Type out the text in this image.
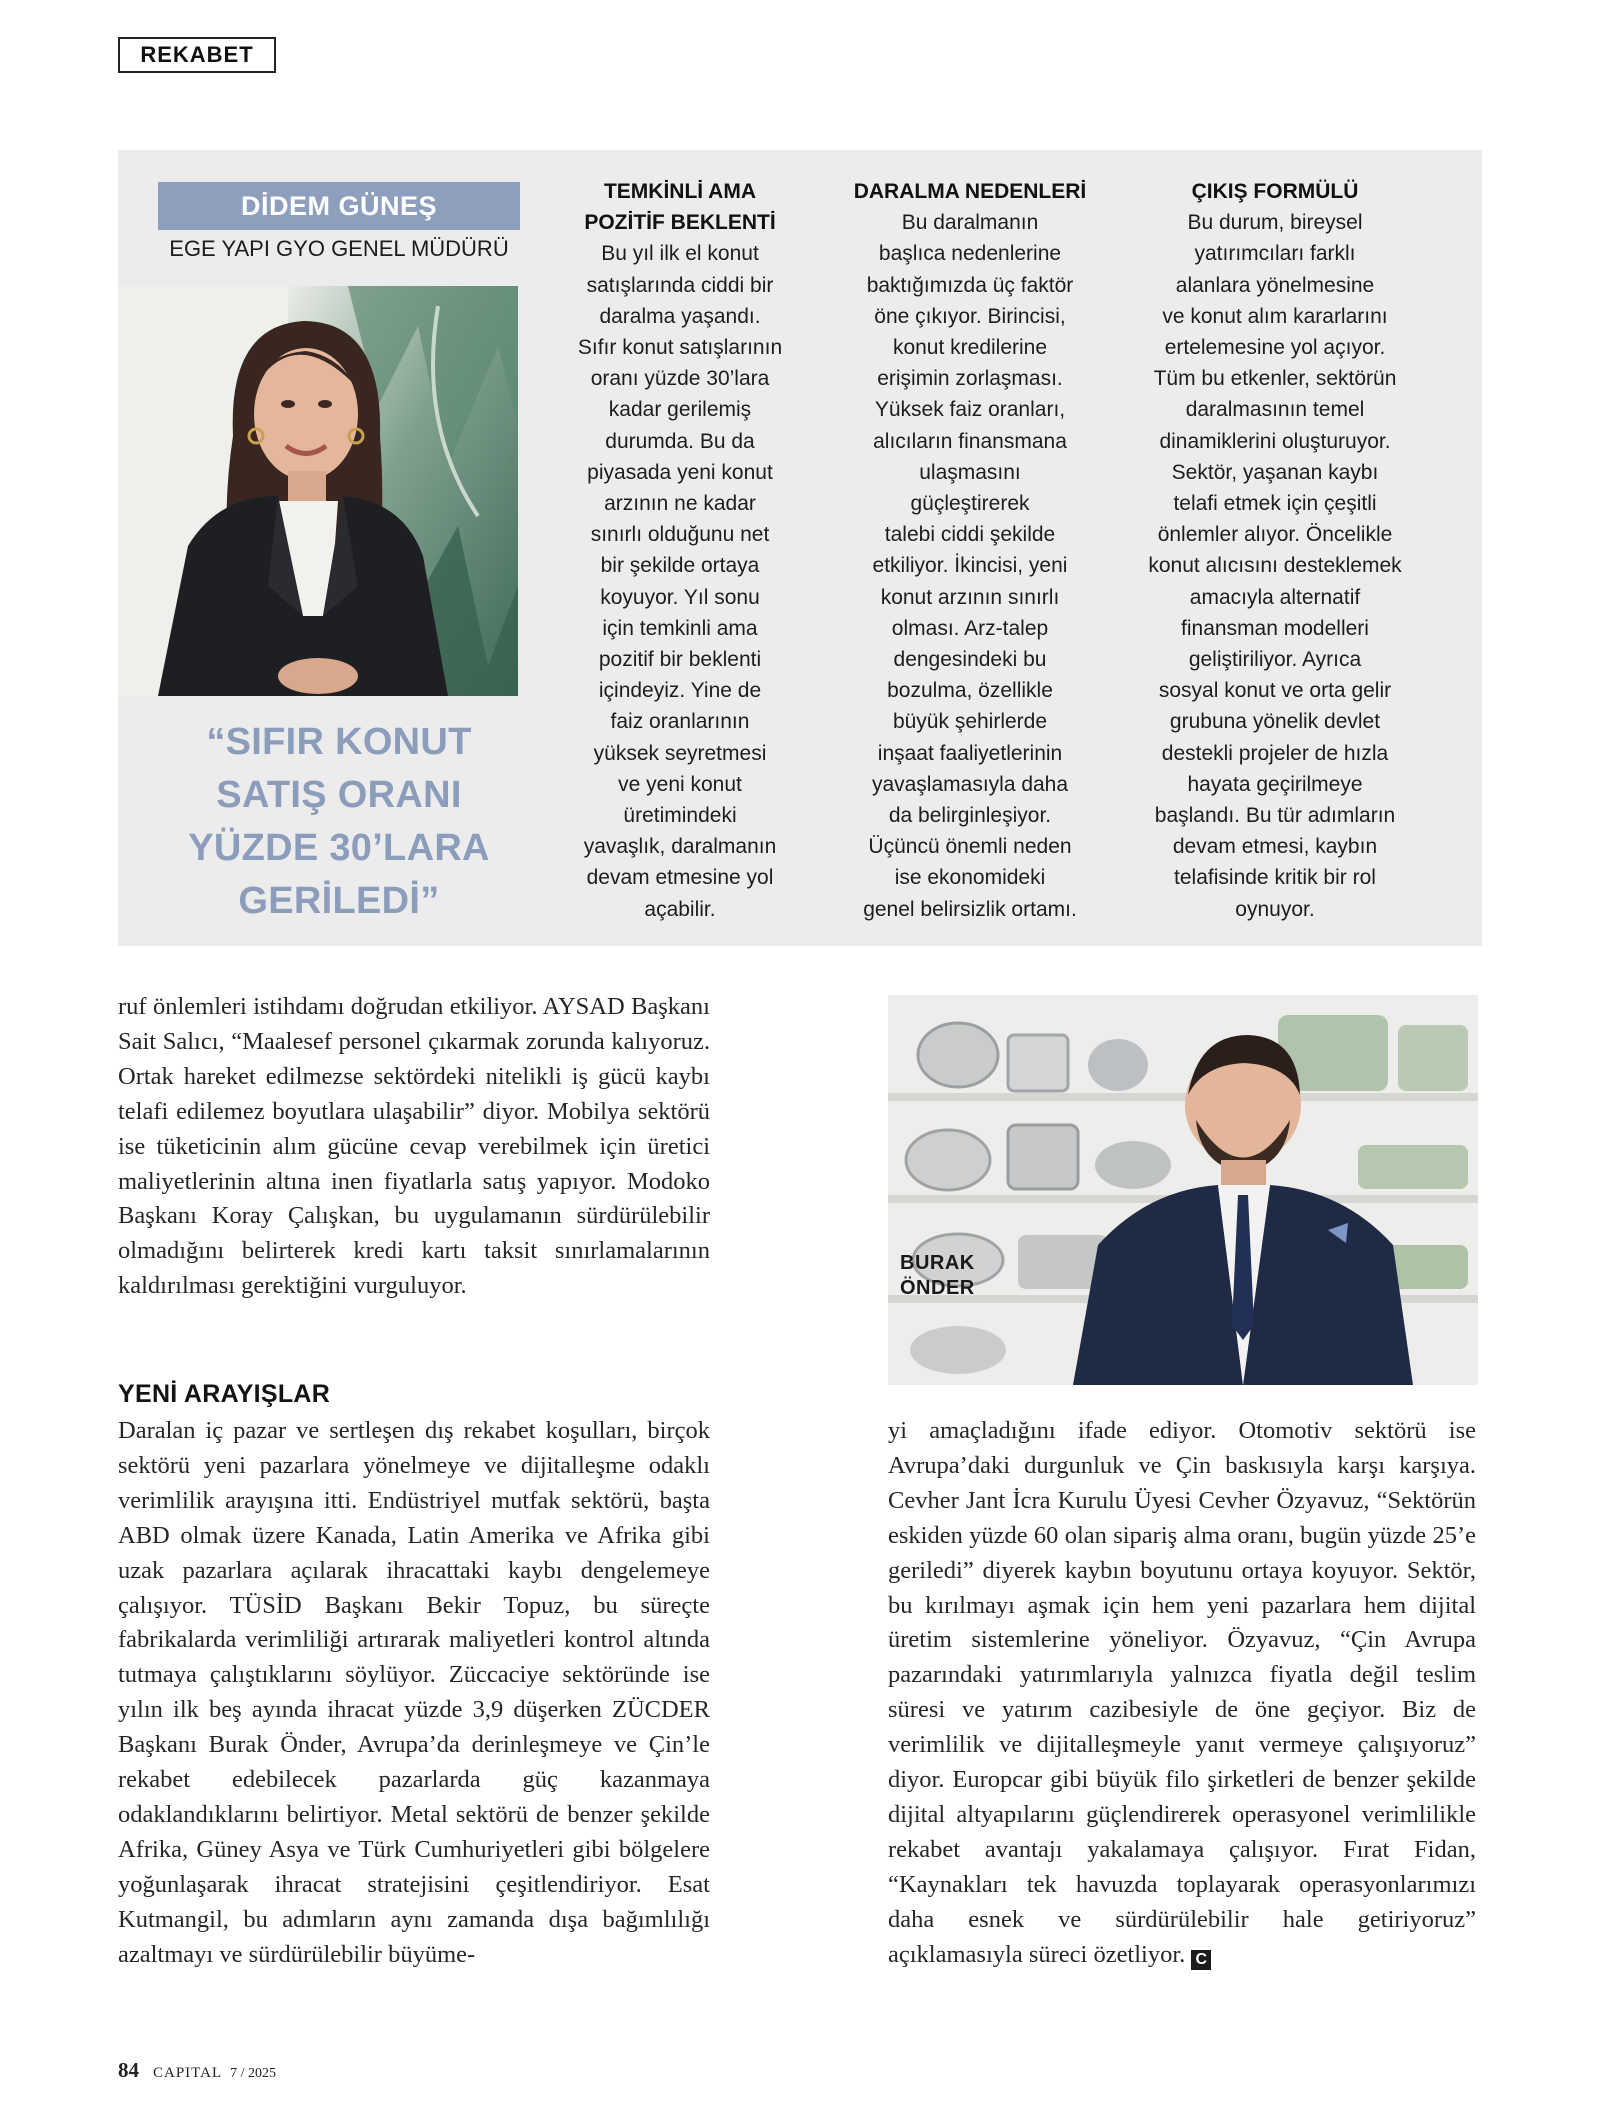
REKABET
DİDEM GÜNEŞ
EGE YAPI GYO GENEL MÜDÜRÜ
“SIFIR KONUT
SATIŞ ORANI
YÜZDE 30’LARA
GERİLEDİ”
TEMKİNLİ AMA
POZİTİF BEKLENTİ
Bu yıl ilk el konut
satışlarında ciddi bir
daralma yaşandı.
Sıfır konut satışlarının
oranı yüzde 30’lara
kadar gerilemiş
durumda. Bu da
piyasada yeni konut
arzının ne kadar
sınırlı olduğunu net
bir şekilde ortaya
koyuyor. Yıl sonu
için temkinli ama
pozitif bir beklenti
içindeyiz. Yine de
faiz oranlarının
yüksek seyretmesi
ve yeni konut
üretimindeki
yavaşlık, daralmanın
devam etmesine yol
açabilir.
DARALMA NEDENLERİ
Bu daralmanın
başlıca nedenlerine
baktığımızda üç faktör
öne çıkıyor. Birincisi,
konut kredilerine
erişimin zorlaşması.
Yüksek faiz oranları,
alıcıların finansmana
ulaşmasını
güçleştirerek
talebi ciddi şekilde
etkiliyor. İkincisi, yeni
konut arzının sınırlı
olması. Arz-talep
dengesindeki bu
bozulma, özellikle
büyük şehirlerde
inşaat faaliyetlerinin
yavaşlamasıyla daha
da belirginleşiyor.
Üçüncü önemli neden
ise ekonomideki
genel belirsizlik ortamı.
ÇIKIŞ FORMÜLÜ
Bu durum, bireysel
yatırımcıları farklı
alanlara yönelmesine
ve konut alım kararlarını
ertelemesine yol açıyor.
Tüm bu etkenler, sektörün
daralmasının temel
dinamiklerini oluşturuyor.
Sektör, yaşanan kaybı
telafi etmek için çeşitli
önlemler alıyor. Öncelikle
konut alıcısını desteklemek
amacıyla alternatif
finansman modelleri
geliştiriliyor. Ayrıca
sosyal konut ve orta gelir
grubuna yönelik devlet
destekli projeler de hızla
hayata geçirilmeye
başlandı. Bu tür adımların
devam etmesi, kaybın
telafisinde kritik bir rol
oynuyor.

ruf önlemleri istihdamı doğrudan etkiliyor. AYSAD Başkanı Sait Salıcı, “Maalesef personel çıkarmak zorunda kalıyoruz. Ortak hareket edilmezse sektördeki nitelikli iş gücü kaybı telafi edilemez boyutlara ulaşabilir” diyor. Mobilya sektörü ise tüketicinin alım gücüne cevap verebilmek için üretici maliyetlerinin altına inen fiyatlarla satış yapıyor. Modoko Başkanı Koray Çalışkan, bu uygulamanın sürdürülebilir olmadığını belirterek kredi kartı taksit sınırlamalarının kaldırılması gerektiğini vurguluyor.

YENİ ARAYIŞLAR

Daralan iç pazar ve sertleşen dış rekabet koşulları, birçok sektörü yeni pazarlara yönelmeye ve dijitalleşme odaklı verimlilik arayışına itti. Endüstriyel mutfak sektörü, başta ABD olmak üzere Kanada, Latin Amerika ve Afrika gibi uzak pazarlara açılarak ihracattaki kaybı dengelemeye çalışıyor. TÜSİD Başkanı Bekir Topuz, bu süreçte fabrikalarda verimliliği artırarak maliyetleri kontrol altında tutmaya çalıştıklarını söylüyor. Züccaciye sektöründe ise yılın ilk beş ayında ihracat yüzde 3,9 düşerken ZÜCDER Başkanı Burak Önder, Avrupa’da derinleşmeye ve Çin’le rekabet edebilecek pazarlarda güç kazanmaya odaklandıklarını belirtiyor. Metal sektörü de benzer şekilde Afrika, Güney Asya ve Türk Cumhuriyetleri gibi bölgelere yoğunlaşarak ihracat stratejisini çeşitlendiriyor. Esat Kutmangil, bu adımların aynı zamanda dışa bağımlılığı azaltmayı ve sürdürülebilir büyüme-

BURAK
ÖNDER

yi amaçladığını ifade ediyor. Otomotiv sektörü ise Avrupa’daki durgunluk ve Çin baskısıyla karşı karşıya. Cevher Jant İcra Kurulu Üyesi Cevher Özyavuz, “Sektörün eskiden yüzde 60 olan sipariş alma oranı, bugün yüzde 25’e geriledi” diyerek kaybın boyutunu ortaya koyuyor. Sektör, bu kırılmayı aşmak için hem yeni pazarlara hem dijital üretim sistemlerine yöneliyor. Özyavuz, “Çin Avrupa pazarındaki yatırımlarıyla yalnızca fiyatla değil teslim süresi ve yatırım cazibesiyle de öne geçiyor. Biz de verimlilik ve dijitalleşmeyle yanıt vermeye çalışıyoruz” diyor. Europcar gibi büyük filo şirketleri de benzer şekilde dijital altyapılarını güçlendirerek operasyonel verimlilikle rekabet avantajı yakalamaya çalışıyor. Fırat Fidan, “Kaynakları tek havuzda toplayarak operasyonlarımızı daha esnek ve sürdürülebilir hale getiriyoruz” açıklamasıyla süreci özetliyor. C

84 CAPITAL 7 / 2025
